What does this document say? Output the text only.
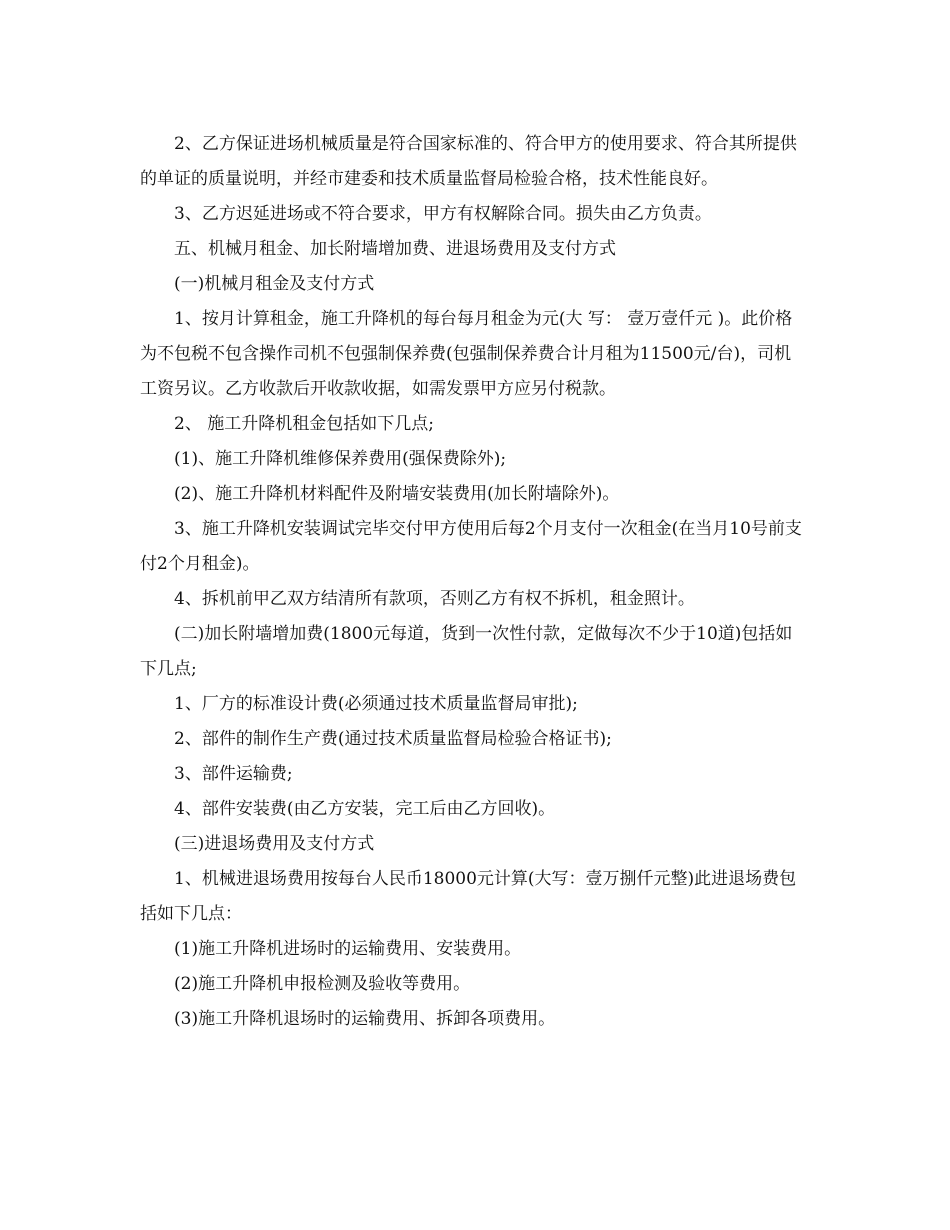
2、乙方保证进场机械质量是符合国家标准的、符合甲方的使用要求、符合其所提供的单证的质量说明，并经市建委和技术质量监督局检验合格，技术性能良好。

3、乙方迟延进场或不符合要求，甲方有权解除合同。损失由乙方负责。

五、机械月租金、加长附墙增加费、进退场费用及支付方式

(一)机械月租金及支付方式

1、按月计算租金，施工升降机的每台每月租金为元(大 写： 壹万壹仟元 )。此价格为不包税不包含操作司机不包强制保养费(包强制保养费合计月租为11500元/台)，司机工资另议。乙方收款后开收款收据，如需发票甲方应另付税款。

2、 施工升降机租金包括如下几点;

(1)、施工升降机维修保养费用(强保费除外);

(2)、施工升降机材料配件及附墙安装费用(加长附墙除外)。

3、施工升降机安装调试完毕交付甲方使用后每2个月支付一次租金(在当月10号前支付2个月租金)。

4、拆机前甲乙双方结清所有款项，否则乙方有权不拆机，租金照计。

(二)加长附墙增加费(1800元每道，货到一次性付款，定做每次不少于10道)包括如下几点;

1、厂方的标准设计费(必须通过技术质量监督局审批);

2、部件的制作生产费(通过技术质量监督局检验合格证书);

3、部件运输费;

4、部件安装费(由乙方安装，完工后由乙方回收)。

(三)进退场费用及支付方式

1、机械进退场费用按每台人民币18000元计算(大写：壹万捌仟元整)此进退场费包括如下几点：

(1)施工升降机进场时的运输费用、安装费用。

(2)施工升降机申报检测及验收等费用。

(3)施工升降机退场时的运输费用、拆卸各项费用。
